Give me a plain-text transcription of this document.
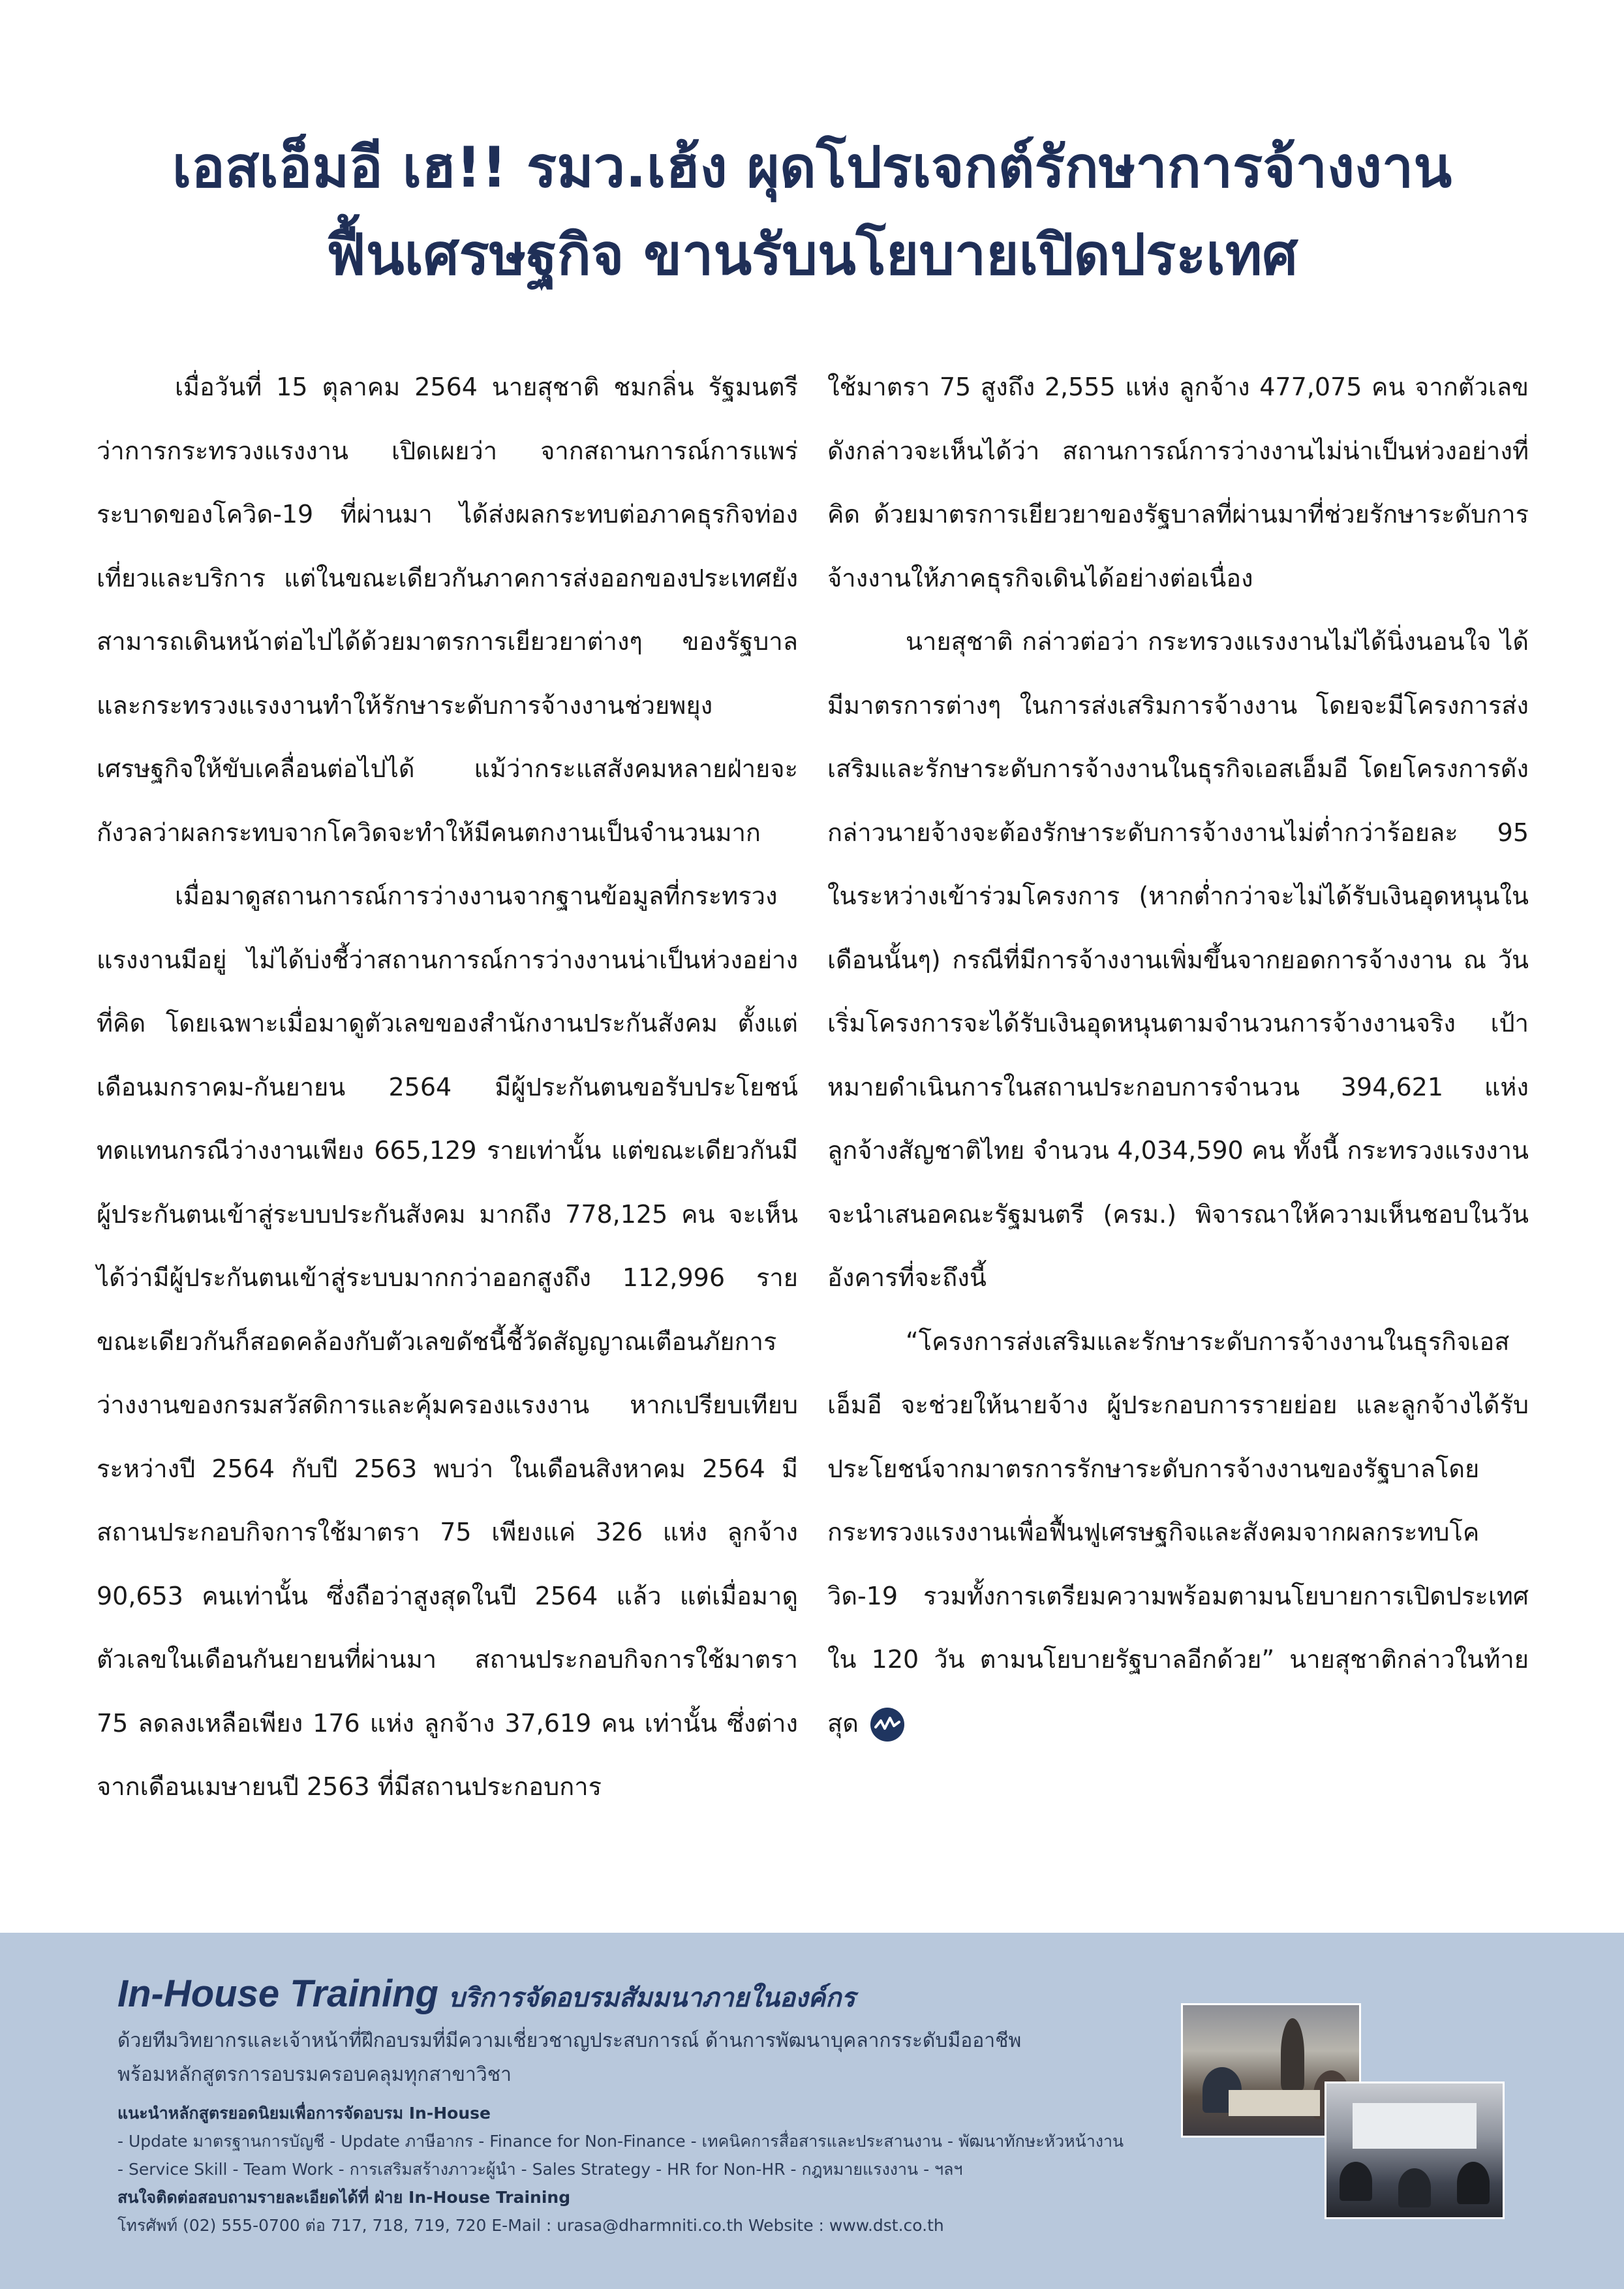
เอสเอ็มอี เฮ!! รมว.เฮ้ง ผุดโปรเจกต์รักษาการจ้างงาน
ฟื้นเศรษฐกิจ ขานรับนโยบายเปิดประเทศ

เมื่อวันที่ 15 ตุลาคม 2564 นายสุชาติ ชมกลิ่น รัฐมนตรีว่าการกระทรวงแรงงาน เปิดเผยว่า จากสถานการณ์การแพร่ระบาดของโควิด-19 ที่ผ่านมา ได้ส่งผลกระทบต่อภาคธุรกิจท่องเที่ยวและบริการ แต่ในขณะเดียวกันภาคการส่งออกของประเทศยังสามารถเดินหน้าต่อไปได้ด้วยมาตรการเยียวยาต่างๆ ของรัฐบาลและกระทรวงแรงงานทำให้รักษาระดับการจ้างงานช่วยพยุงเศรษฐกิจให้ขับเคลื่อนต่อไปได้ แม้ว่ากระแสสังคมหลายฝ่ายจะกังวลว่าผลกระทบจากโควิดจะทำให้มีคนตกงานเป็นจำนวนมาก

เมื่อมาดูสถานการณ์การว่างงานจากฐานข้อมูลที่กระทรวงแรงงานมีอยู่ ไม่ได้บ่งชี้ว่าสถานการณ์การว่างงานน่าเป็นห่วงอย่างที่คิด โดยเฉพาะเมื่อมาดูตัวเลขของสำนักงานประกันสังคม ตั้งแต่เดือนมกราคม-กันยายน 2564 มีผู้ประกันตนขอรับประโยชน์ทดแทนกรณีว่างงานเพียง 665,129 รายเท่านั้น แต่ขณะเดียวกันมีผู้ประกันตนเข้าสู่ระบบประกันสังคม มากถึง 778,125 คน จะเห็นได้ว่ามีผู้ประกันตนเข้าสู่ระบบมากกว่าออกสูงถึง 112,996 ราย ขณะเดียวกันก็สอดคล้องกับตัวเลขดัชนี้ชี้วัดสัญญาณเตือนภัยการว่างงานของกรมสวัสดิการและคุ้มครองแรงงาน หากเปรียบเทียบระหว่างปี 2564 กับปี 2563 พบว่า ในเดือนสิงหาคม 2564 มีสถานประกอบกิจการใช้มาตรา 75 เพียงแค่ 326 แห่ง ลูกจ้าง 90,653 คนเท่านั้น ซึ่งถือว่าสูงสุดในปี 2564 แล้ว แต่เมื่อมาดูตัวเลขในเดือนกันยายนที่ผ่านมา สถานประกอบกิจการใช้มาตรา 75 ลดลงเหลือเพียง 176 แห่ง ลูกจ้าง 37,619 คน เท่านั้น ซึ่งต่างจากเดือนเมษายนปี 2563 ที่มีสถานประกอบการ

ใช้มาตรา 75 สูงถึง 2,555 แห่ง ลูกจ้าง 477,075 คน จากตัวเลขดังกล่าวจะเห็นได้ว่า สถานการณ์การว่างงานไม่น่าเป็นห่วงอย่างที่คิด ด้วยมาตรการเยียวยาของรัฐบาลที่ผ่านมาที่ช่วยรักษาระดับการจ้างงานให้ภาคธุรกิจเดินได้อย่างต่อเนื่อง

นายสุชาติ กล่าวต่อว่า กระทรวงแรงงานไม่ได้นิ่งนอนใจ ได้มีมาตรการต่างๆ ในการส่งเสริมการจ้างงาน โดยจะมีโครงการส่งเสริมและรักษาระดับการจ้างงานในธุรกิจเอสเอ็มอี โดยโครงการดังกล่าวนายจ้างจะต้องรักษาระดับการจ้างงานไม่ต่ำกว่าร้อยละ 95 ในระหว่างเข้าร่วมโครงการ (หากต่ำกว่าจะไม่ได้รับเงินอุดหนุนในเดือนนั้นๆ) กรณีที่มีการจ้างงานเพิ่มขึ้นจากยอดการจ้างงาน ณ วันเริ่มโครงการจะได้รับเงินอุดหนุนตามจำนวนการจ้างงานจริง เป้าหมายดำเนินการในสถานประกอบการจำนวน 394,621 แห่ง ลูกจ้างสัญชาติไทย จำนวน 4,034,590 คน ทั้งนี้ กระทรวงแรงงานจะนำเสนอคณะรัฐมนตรี (ครม.) พิจารณาให้ความเห็นชอบในวันอังคารที่จะถึงนี้

“โครงการส่งเสริมและรักษาระดับการจ้างงานในธุรกิจเอสเอ็มอี จะช่วยให้นายจ้าง ผู้ประกอบการรายย่อย และลูกจ้างได้รับประโยชน์จากมาตรการรักษาระดับการจ้างงานของรัฐบาลโดยกระทรวงแรงงานเพื่อฟื้นฟูเศรษฐกิจและสังคมจากผลกระทบโควิด-19 รวมทั้งการเตรียมความพร้อมตามนโยบายการเปิดประเทศใน 120 วัน ตามนโยบายรัฐบาลอีกด้วย” นายสุชาติกล่าวในท้ายสุด

In-House Training บริการจัดอบรมสัมมนาภายในองค์กร

ด้วยทีมวิทยากรและเจ้าหน้าที่ฝึกอบรมที่มีความเชี่ยวชาญประสบการณ์ ด้านการพัฒนาบุคลากรระดับมืออาชีพ

พร้อมหลักสูตรการอบรมครอบคลุมทุกสาขาวิชา

แนะนำหลักสูตรยอดนิยมเพื่อการจัดอบรม In-House

- Update มาตรฐานการบัญชี - Update ภาษีอากร - Finance for Non-Finance - เทคนิคการสื่อสารและประสานงาน - พัฒนาทักษะหัวหน้างาน

- Service Skill - Team Work - การเสริมสร้างภาวะผู้นำ - Sales Strategy - HR for Non-HR - กฎหมายแรงงาน - ฯลฯ

สนใจติดต่อสอบถามรายละเอียดได้ที่ ฝ่าย In-House Training

โทรศัพท์ (02) 555-0700 ต่อ 717, 718, 719, 720 E-Mail : urasa@dharmniti.co.th Website : www.dst.co.th
